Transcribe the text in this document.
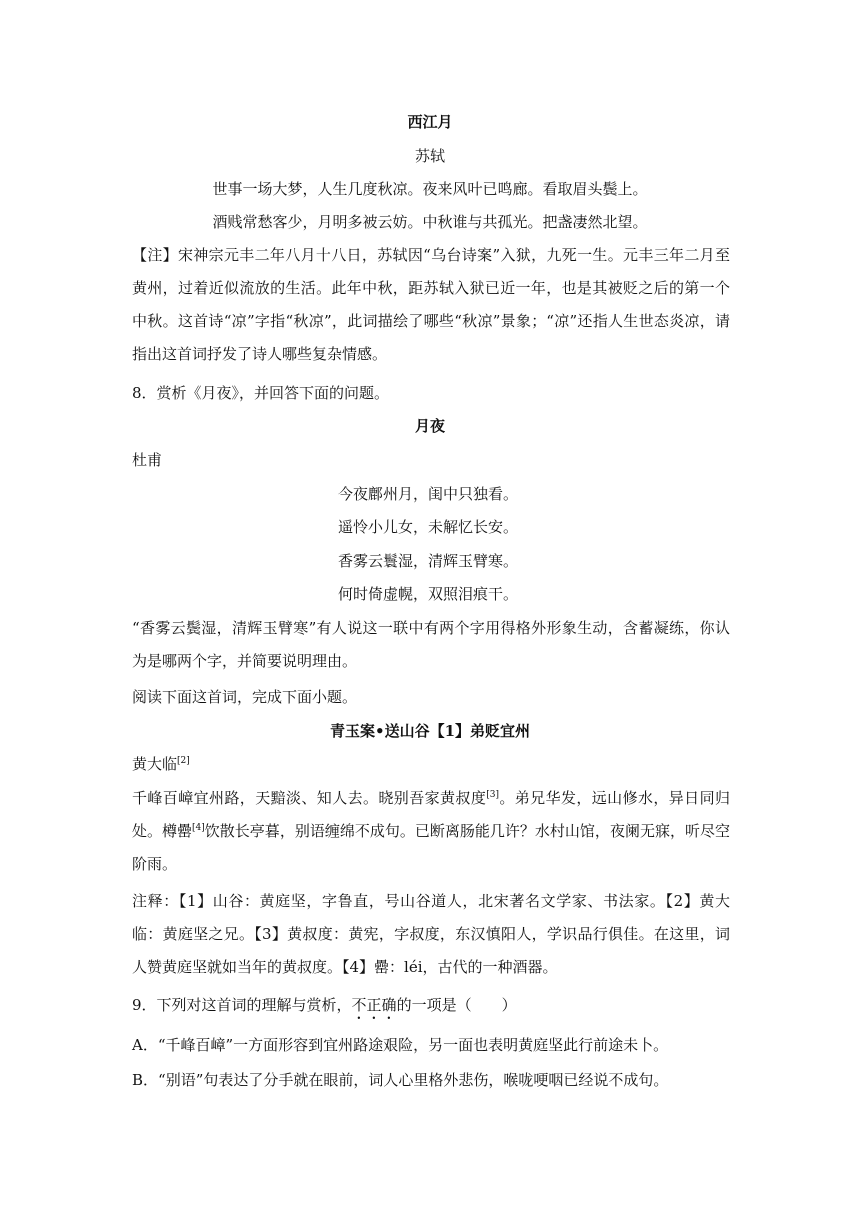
西江月
苏轼
世事一场大梦，人生几度秋凉。夜来风叶已鸣廊。看取眉头鬓上。
酒贱常愁客少，月明多被云妨。中秋谁与共孤光。把盏凄然北望。
【注】宋神宗元丰二年八月十八日，苏轼因“乌台诗案”入狱，九死一生。元丰三年二月至黄州，过着近似流放的生活。此年中秋，距苏轼入狱已近一年，也是其被贬之后的第一个中秋。这首诗“凉”字指“秋凉”，此词描绘了哪些“秋凉”景象；“凉”还指人生世态炎凉，请指出这首词抒发了诗人哪些复杂情感。
8．赏析《月夜》，并回答下面的问题。
月夜
杜甫
今夜鄜州月，闺中只独看。
遥怜小儿女，未解忆长安。
香雾云鬟湿，清辉玉臂寒。
何时倚虚幌，双照泪痕干。
“香雾云鬓湿，清辉玉臂寒”有人说这一联中有两个字用得格外形象生动，含蓄凝练，你认为是哪两个字，并简要说明理由。
阅读下面这首词，完成下面小题。
青玉案•送山谷【1】弟贬宜州
黄大临[2]
千峰百嶂宜州路，天黯淡、知人去。晓别吾家黄叔度[3]。弟兄华发，远山修水，异日同归处。樽罍[4]饮散长亭暮，别语缠绵不成句。已断离肠能几许？水村山馆，夜阑无寐，听尽空阶雨。
注释：【1】山谷：黄庭坚，字鲁直，号山谷道人，北宋著名文学家、书法家。【2】黄大临：黄庭坚之兄。【3】黄叔度：黄宪，字叔度，东汉慎阳人，学识品行俱佳。在这里，词人赞黄庭坚就如当年的黄叔度。【4】罍：léi，古代的一种酒器。
9．下列对这首词的理解与赏析，不正确的一项是（　　）
A．“千峰百嶂”一方面形容到宜州路途艰险，另一面也表明黄庭坚此行前途未卜。
B．“别语”句表达了分手就在眼前，词人心里格外悲伤，喉咙哽咽已经说不成句。
